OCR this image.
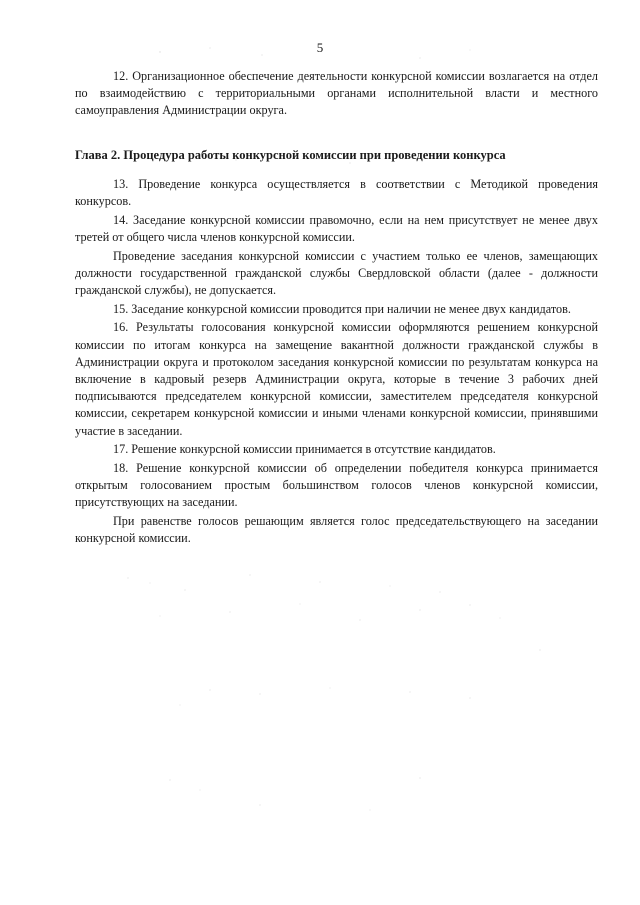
5

12. Организационное обеспечение деятельности конкурсной комиссии возлагается на отдел по взаимодействию с территориальными органами исполнительной власти и местного самоуправления Администрации округа.

Глава 2. Процедура работы конкурсной комиссии при проведении конкурса

13. Проведение конкурса осуществляется в соответствии с Методикой проведения конкурсов.

14. Заседание конкурсной комиссии правомочно, если на нем присутствует не менее двух третей от общего числа членов конкурсной комиссии.

Проведение заседания конкурсной комиссии с участием только ее членов, замещающих должности государственной гражданской службы Свердловской области (далее - должности гражданской службы), не допускается.

15. Заседание конкурсной комиссии проводится при наличии не менее двух кандидатов.

16. Результаты голосования конкурсной комиссии оформляются решением конкурсной комиссии по итогам конкурса на замещение вакантной должности гражданской службы в Администрации округа и протоколом заседания конкурсной комиссии по результатам конкурса на включение в кадровый резерв Администрации округа, которые в течение 3 рабочих дней подписываются председателем конкурсной комиссии, заместителем председателя конкурсной комиссии, секретарем конкурсной комиссии и иными членами конкурсной комиссии, принявшими участие в заседании.

17. Решение конкурсной комиссии принимается в отсутствие кандидатов.

18. Решение конкурсной комиссии об определении победителя конкурса принимается открытым голосованием простым большинством голосов членов конкурсной комиссии, присутствующих на заседании.

При равенстве голосов решающим является голос председательствующего на заседании конкурсной комиссии.
